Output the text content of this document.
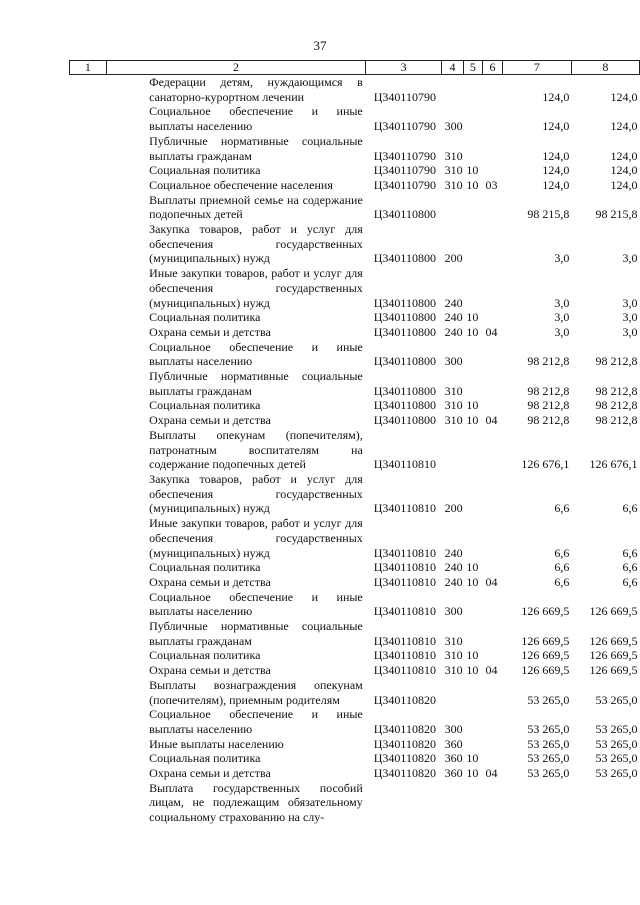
37
1	2	3	4	5	6	7	8
	Федерации детям, нуждающимся в санаторно-курортном лечении	Ц340110790				124,0	124,0
	Социальное обеспечение и иные выплаты населению	Ц340110790	300			124,0	124,0
	Публичные нормативные социальные выплаты гражданам	Ц340110790	310			124,0	124,0
	Социальная политика	Ц340110790	310	10		124,0	124,0
	Социальное обеспечение населения	Ц340110790	310	10	03	124,0	124,0
	Выплаты приемной семье на содержание подопечных детей	Ц340110800				98 215,8	98 215,8
	Закупка товаров, работ и услуг для обеспечения государственных (муниципальных) нужд	Ц340110800	200			3,0	3,0
	Иные закупки товаров, работ и услуг для обеспечения государственных (муниципальных) нужд	Ц340110800	240			3,0	3,0
	Социальная политика	Ц340110800	240	10		3,0	3,0
	Охрана семьи и детства	Ц340110800	240	10	04	3,0	3,0
	Социальное обеспечение и иные выплаты населению	Ц340110800	300			98 212,8	98 212,8
	Публичные нормативные социальные выплаты гражданам	Ц340110800	310			98 212,8	98 212,8
	Социальная политика	Ц340110800	310	10		98 212,8	98 212,8
	Охрана семьи и детства	Ц340110800	310	10	04	98 212,8	98 212,8
	Выплаты опекунам (попечителям), патронатным воспитателям на содержание подопечных детей	Ц340110810				126 676,1	126 676,1
	Закупка товаров, работ и услуг для обеспечения государственных (муниципальных) нужд	Ц340110810	200			6,6	6,6
	Иные закупки товаров, работ и услуг для обеспечения государственных (муниципальных) нужд	Ц340110810	240			6,6	6,6
	Социальная политика	Ц340110810	240	10		6,6	6,6
	Охрана семьи и детства	Ц340110810	240	10	04	6,6	6,6
	Социальное обеспечение и иные выплаты населению	Ц340110810	300			126 669,5	126 669,5
	Публичные нормативные социальные выплаты гражданам	Ц340110810	310			126 669,5	126 669,5
	Социальная политика	Ц340110810	310	10		126 669,5	126 669,5
	Охрана семьи и детства	Ц340110810	310	10	04	126 669,5	126 669,5
	Выплаты вознаграждения опекунам (попечителям), приемным родителям	Ц340110820				53 265,0	53 265,0
	Социальное обеспечение и иные выплаты населению	Ц340110820	300			53 265,0	53 265,0
	Иные выплаты населению	Ц340110820	360			53 265,0	53 265,0
	Социальная политика	Ц340110820	360	10		53 265,0	53 265,0
	Охрана семьи и детства	Ц340110820	360	10	04	53 265,0	53 265,0
	Выплата государственных пособий лицам, не подлежащим обязательному социальному страхованию на слу-						
